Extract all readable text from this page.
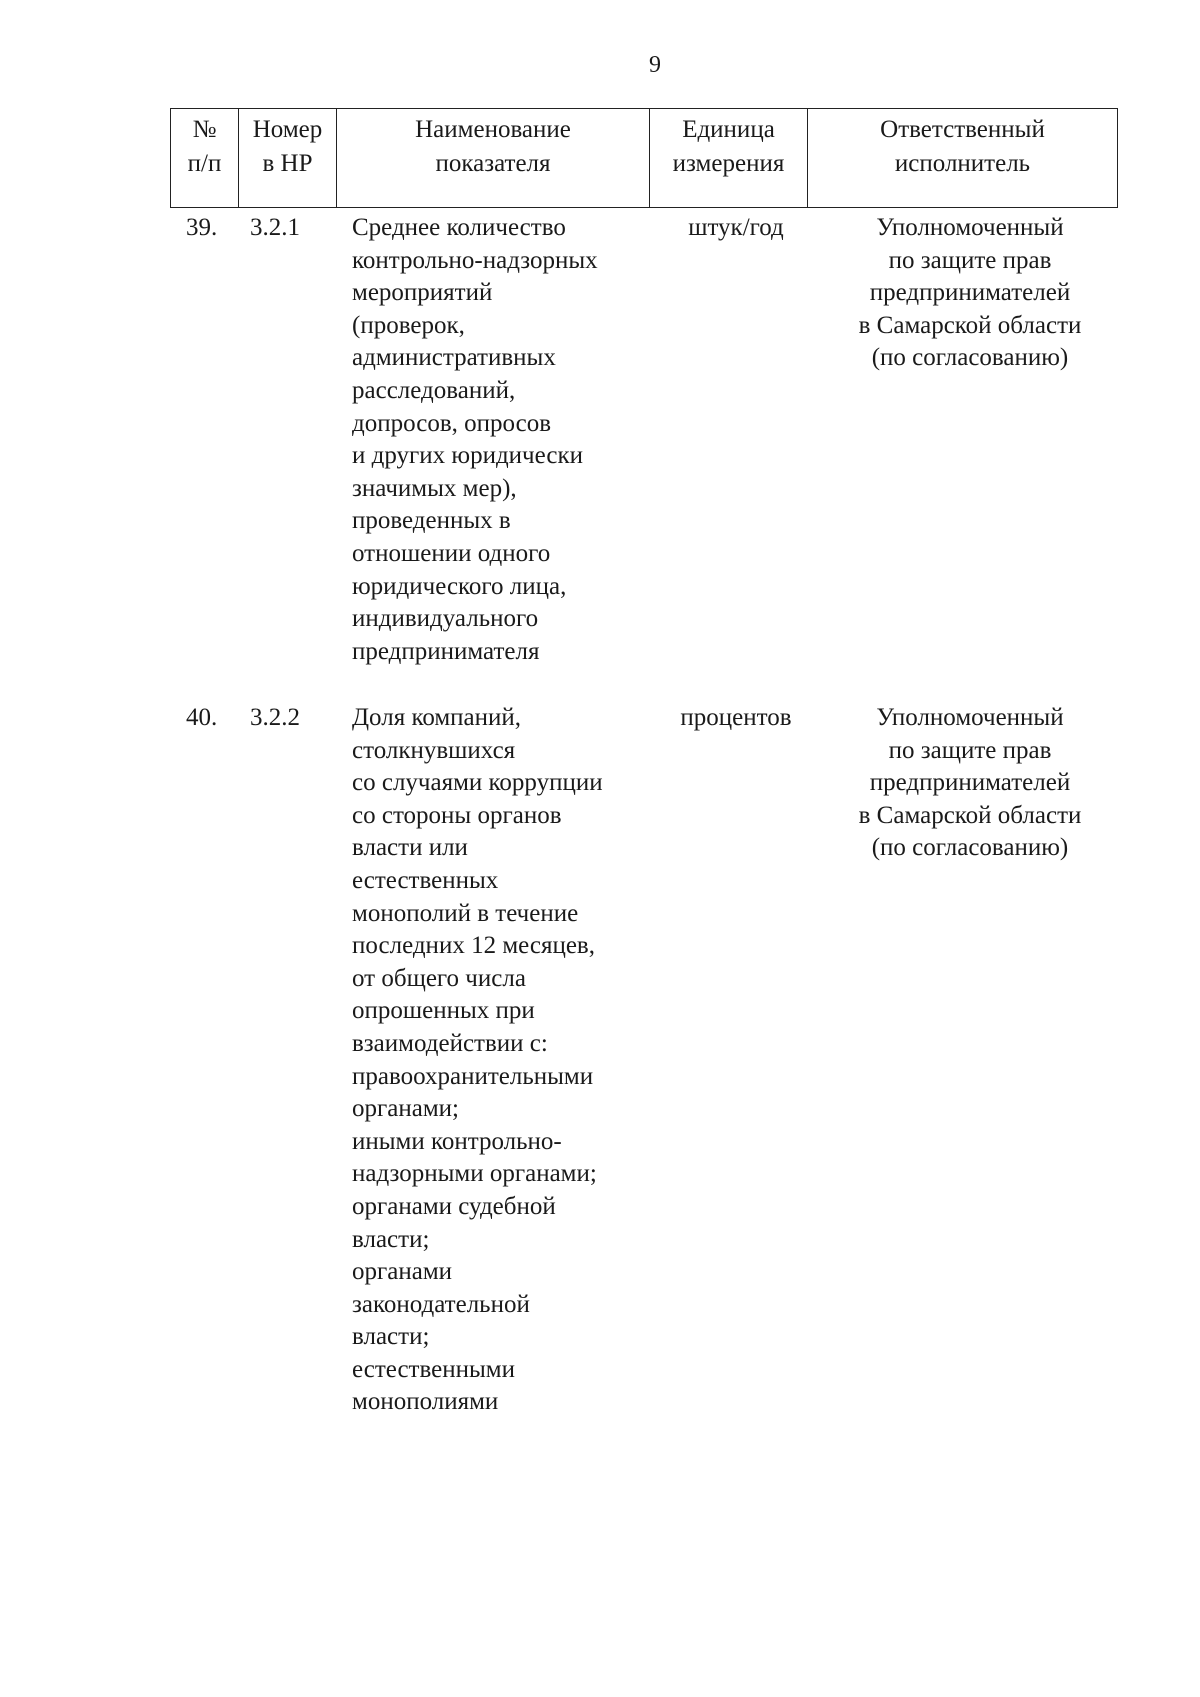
9
№
п/п
Номер
в НР
Наименование
показателя
Единица
измерения
Ответственный
исполнитель
39. 3.2.1 Среднее количество
контрольно-надзорных
мероприятий
(проверок,
административных
расследований,
допросов, опросов
и других юридически
значимых мер),
проведенных в
отношении одного
юридического лица,
индивидуального
предпринимателя
штук/год	Уполномоченный
по защите прав
предпринимателей
в Самарской области
(по согласованию)
40. 3.2.2 Доля компаний,
столкнувшихся
со случаями коррупции
со стороны органов
власти или
естественных
монополий в течение
последних 12 месяцев,
от общего числа
опрошенных при
взаимодействии с:
правоохранительными
органами;
иными контрольно-
надзорными органами;
органами судебной
власти;
органами
законодательной
власти;
естественными
монополиями
процентов	Уполномоченный
по защите прав
предпринимателей
в Самарской области
(по согласованию)
